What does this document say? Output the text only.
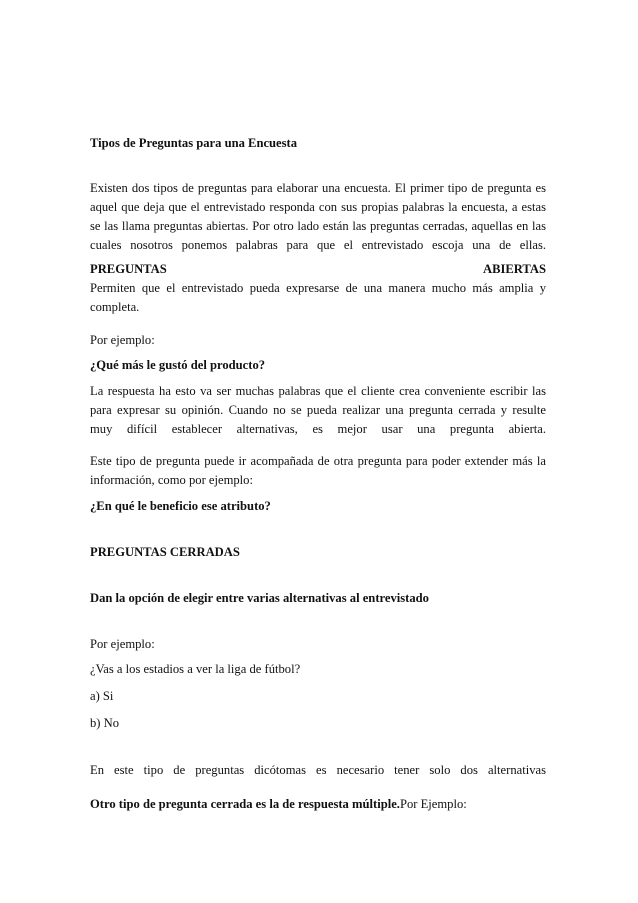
Tipos de Preguntas para una Encuesta
Existen dos tipos de preguntas para elaborar una encuesta. El primer tipo de pregunta es
aquel que deja que el entrevistado responda con sus propias palabras la encuesta, a estas
se las llama preguntas abiertas. Por otro lado están las preguntas cerradas, aquellas en las
cuales nosotros ponemos palabras para que el entrevistado escoja una de ellas.
PREGUNTAS	ABIERTAS
Permiten que el entrevistado pueda expresarse de una manera mucho más amplia y
completa.
Por ejemplo:
¿Qué más le gustó del producto?
La respuesta ha esto va ser muchas palabras que el cliente crea conveniente escribir las
para expresar su opinión. Cuando no se pueda realizar una pregunta cerrada y resulte
muy difícil establecer alternativas, es mejor usar una pregunta abierta.
Este tipo de pregunta puede ir acompañada de otra pregunta para poder extender más la
información, como por ejemplo:
¿En qué le beneficio ese atributo?
PREGUNTAS CERRADAS
Dan la opción de elegir entre varias alternativas al entrevistado
Por ejemplo:
¿Vas a los estadios a ver la liga de fútbol?
a) Si
b) No
En este tipo de preguntas dicótomas es necesario tener solo dos alternativas
Otro tipo de pregunta cerrada es la de respuesta múltiple.Por Ejemplo:
